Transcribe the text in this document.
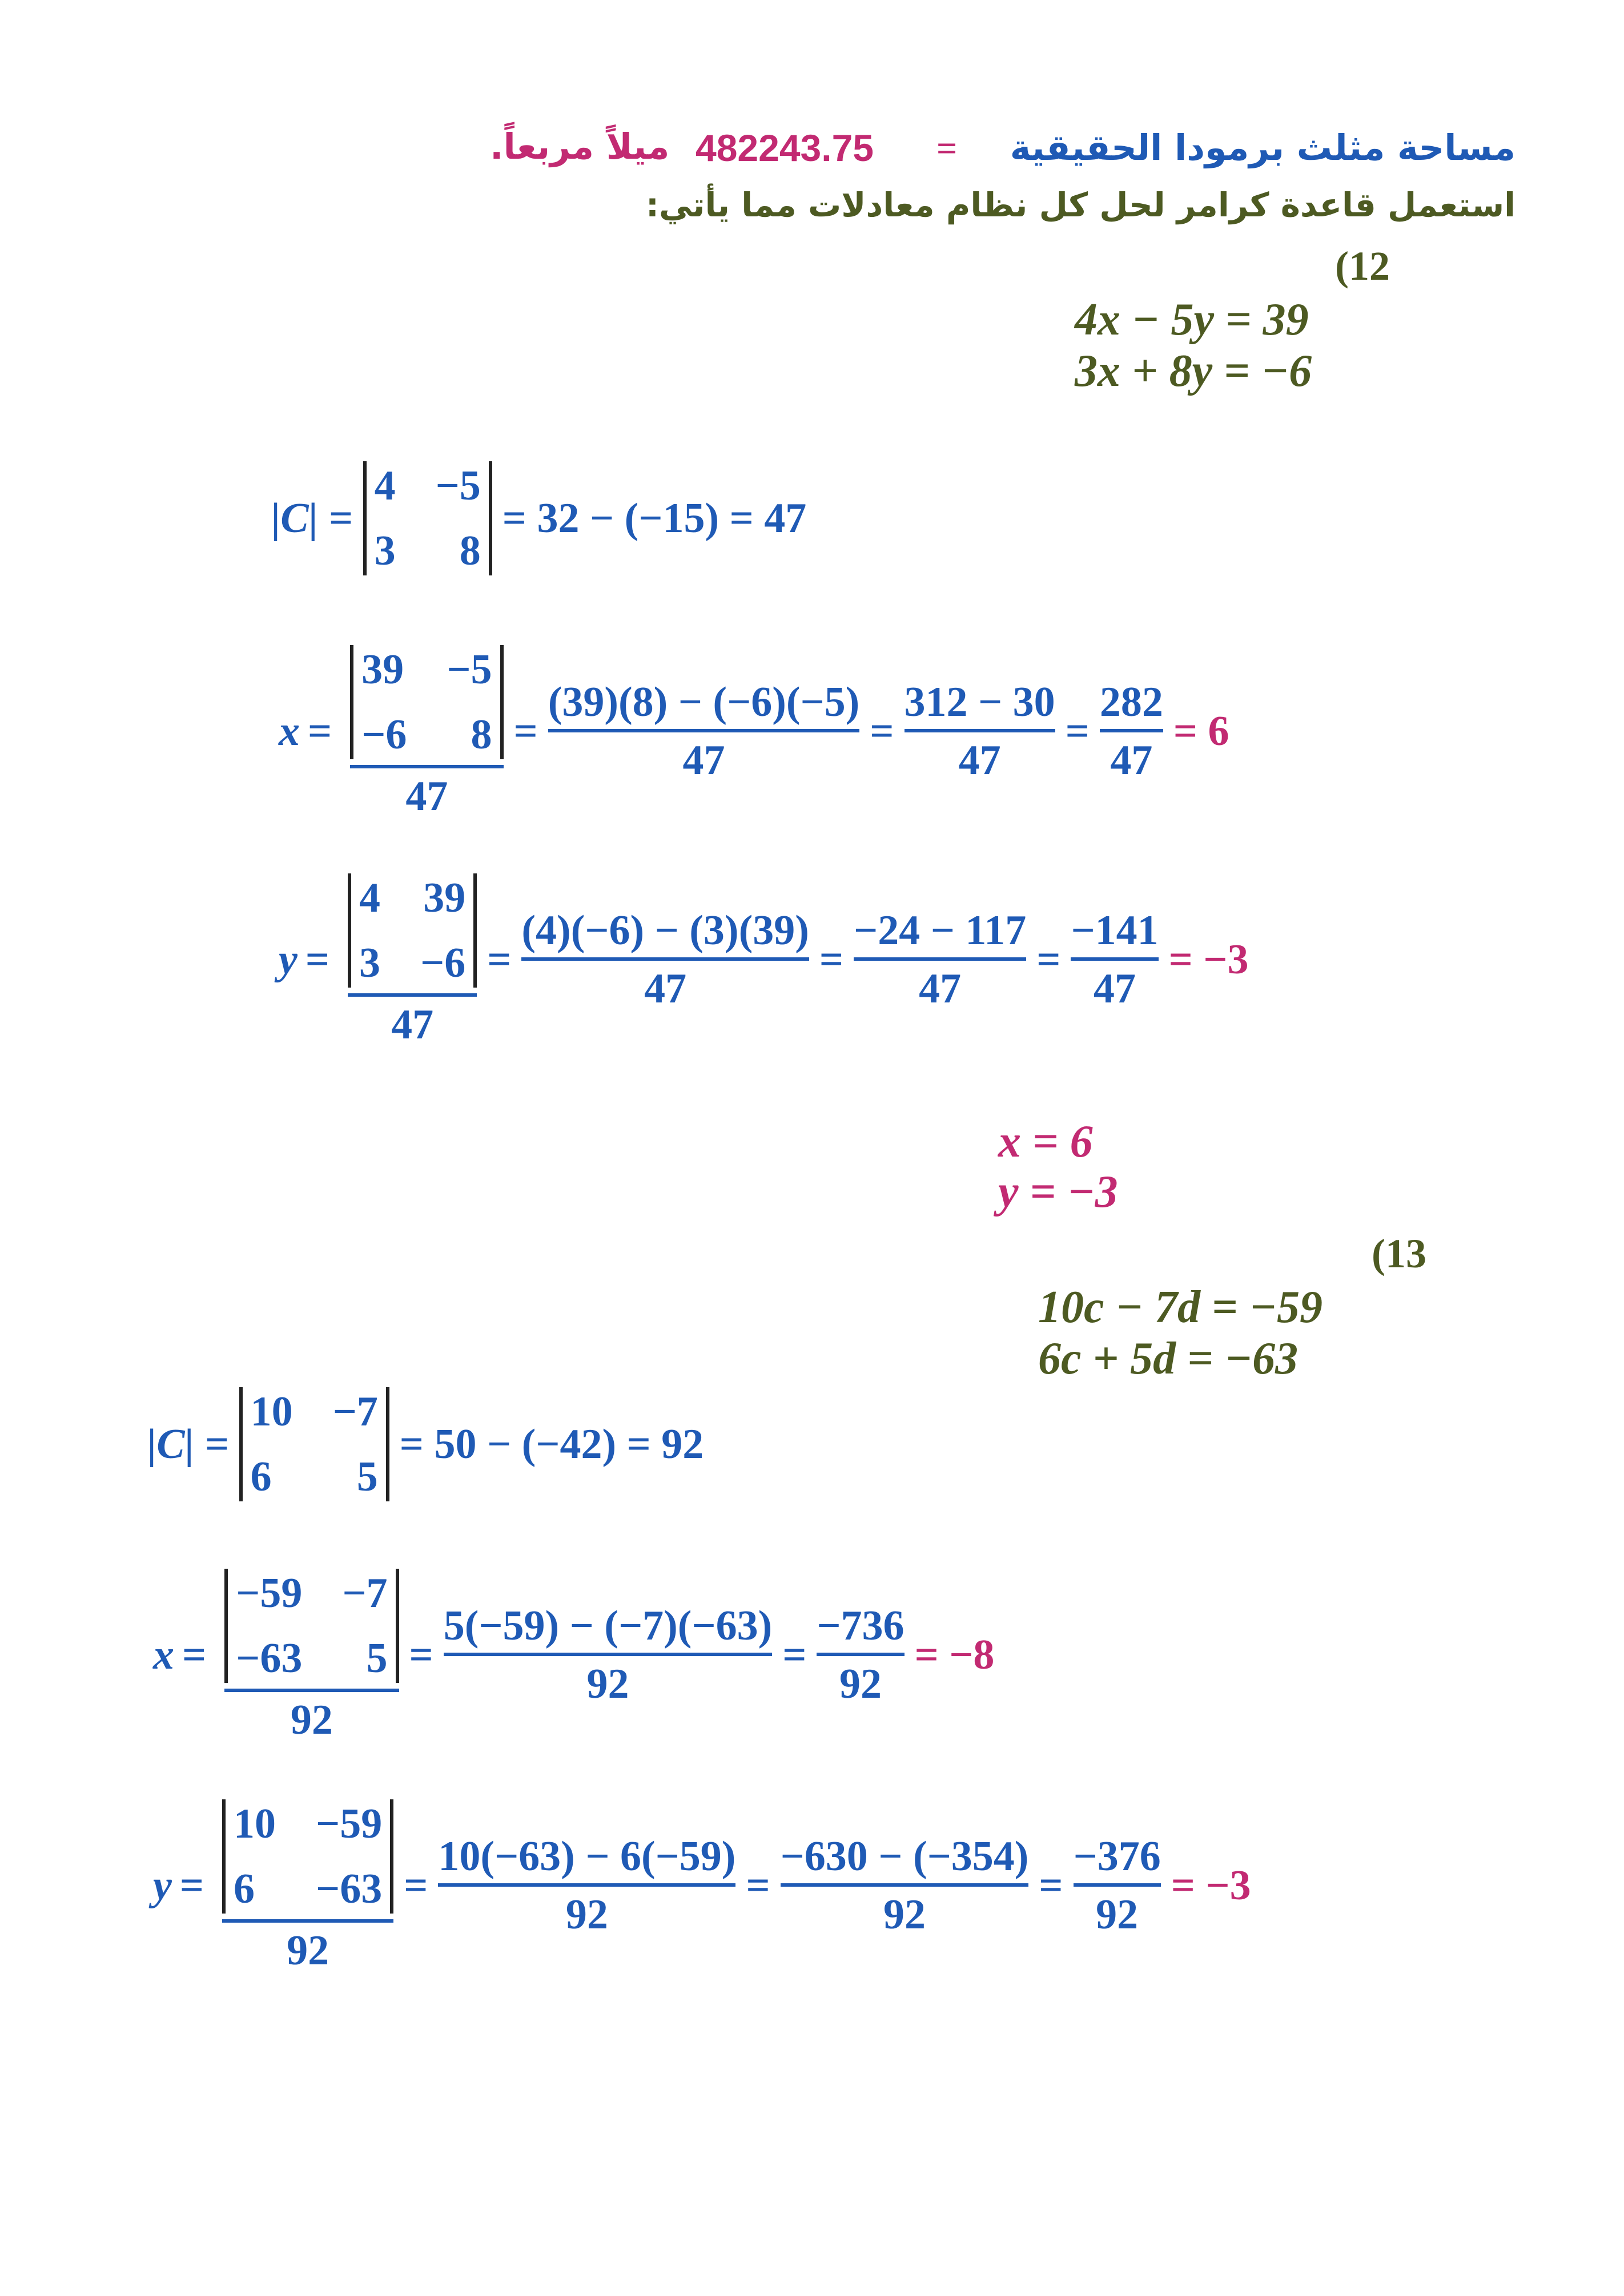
مساحة مثلث برمودا الحقيقية
=
482243.75
ميلاً مربعاً.
استعمل قاعدة كرامر لحل كل نظام معادلات مما يأتي:
(12
4x − 5y = 39
3x + 8y = −6
|C| =
4 −5
3	8
= 32 − (−15) = 47
x =
39 −5
−6	8
47
=
(39)(8) − (−6)(−5)
47
=
312 − 30
47
=
282
47
= 6
y =
4 39
3 −6
47
=
(4)(−6) − (3)(39)
47
=
−24 − 117
47
=
−141
47
= −3
x = 6
y = −3
(13
10c − 7d = −59
6c + 5d = −63
|C| =
10 −7
6	5
= 50 − (−42) = 92
x =
−59 −7
−63	5
92
=
5(−59) − (−7)(−63)
92
=
−736
92
= −8
y =
10 −59
6	−63
92
=
10(−63) − 6(−59)
92
=
−630 − (−354)
92
=
−376
92
= −3
